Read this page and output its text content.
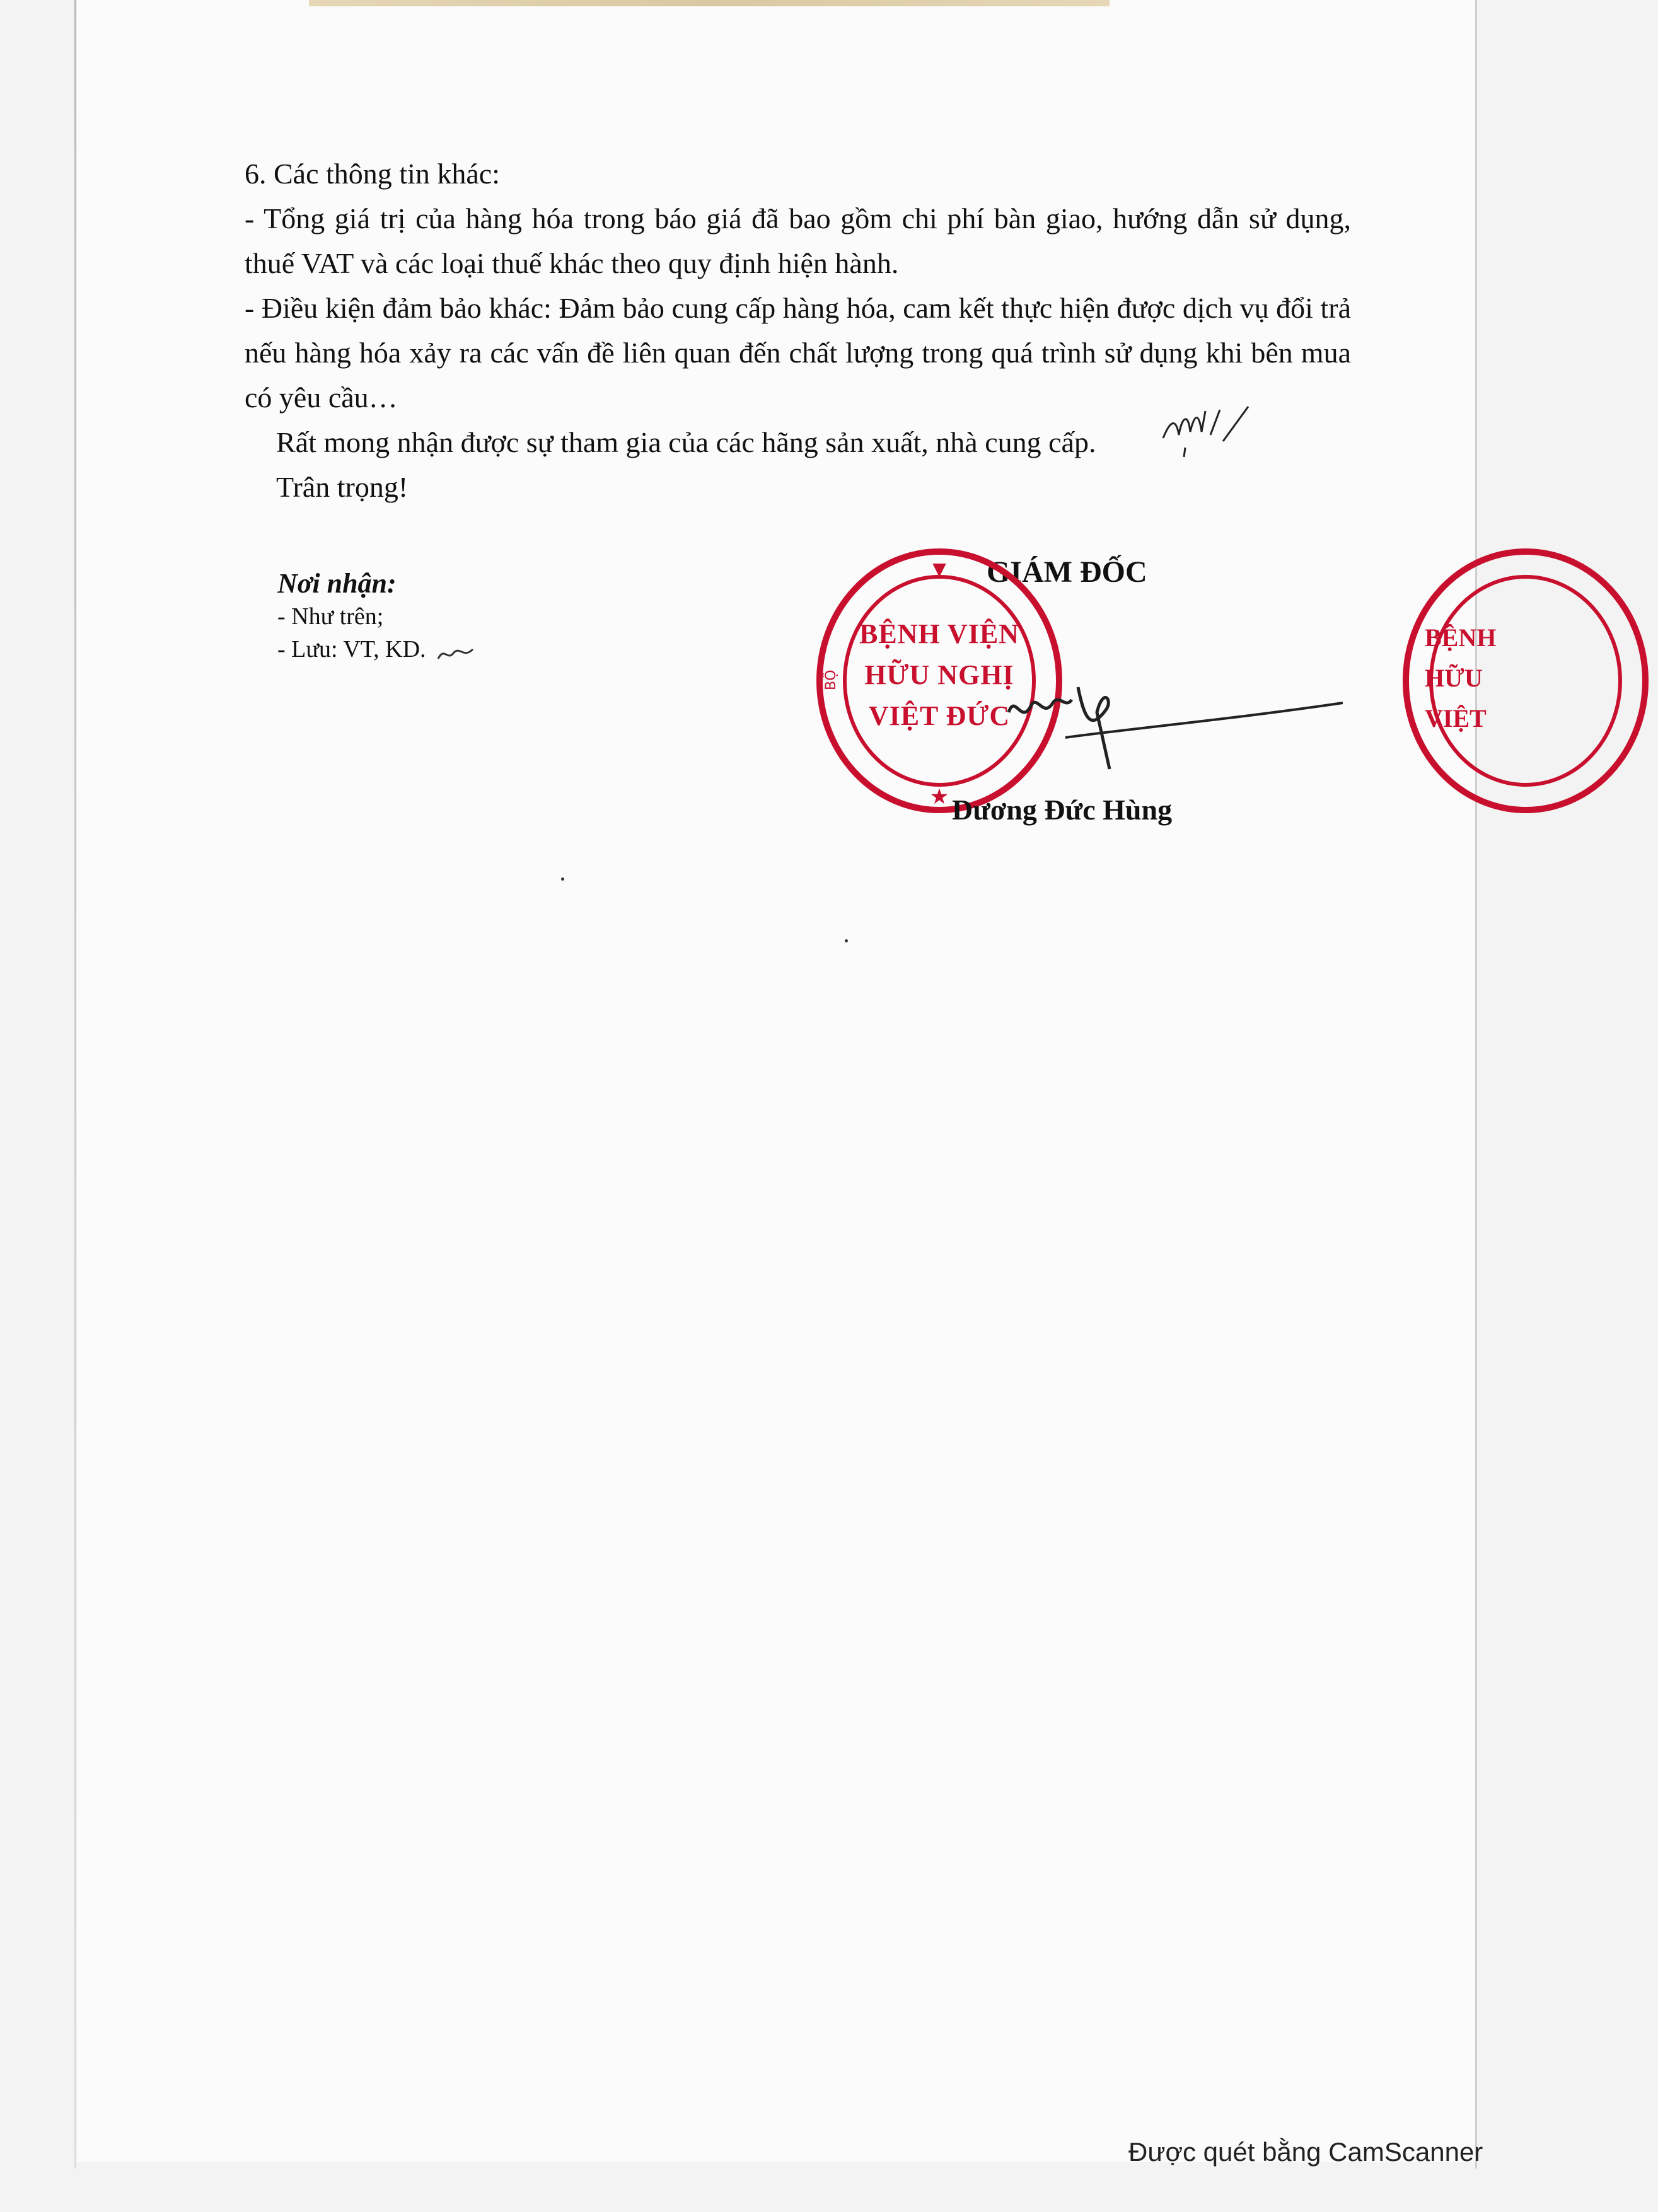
6. Các thông tin khác:

- Tổng giá trị của hàng hóa trong báo giá đã bao gồm chi phí bàn giao, hướng dẫn sử dụng, thuế VAT và các loại thuế khác theo quy định hiện hành.

- Điều kiện đảm bảo khác: Đảm bảo cung cấp hàng hóa, cam kết thực hiện được dịch vụ đổi trả nếu hàng hóa xảy ra các vấn đề liên quan đến chất lượng trong quá trình sử dụng khi bên mua có yêu cầu…

Rất mong nhận được sự tham gia của các hãng sản xuất, nhà cung cấp.

Trân trọng!

Nơi nhận:
- Như trên;
- Lưu: VT, KD.
GIÁM ĐỐC
▼
★
BỘ
BỆNH VIỆN
HỮU NGHỊ
VIỆT ĐỨC
BỆNH
HỮU
VIỆT
Dương Đức Hùng
Được quét bằng CamScanner
